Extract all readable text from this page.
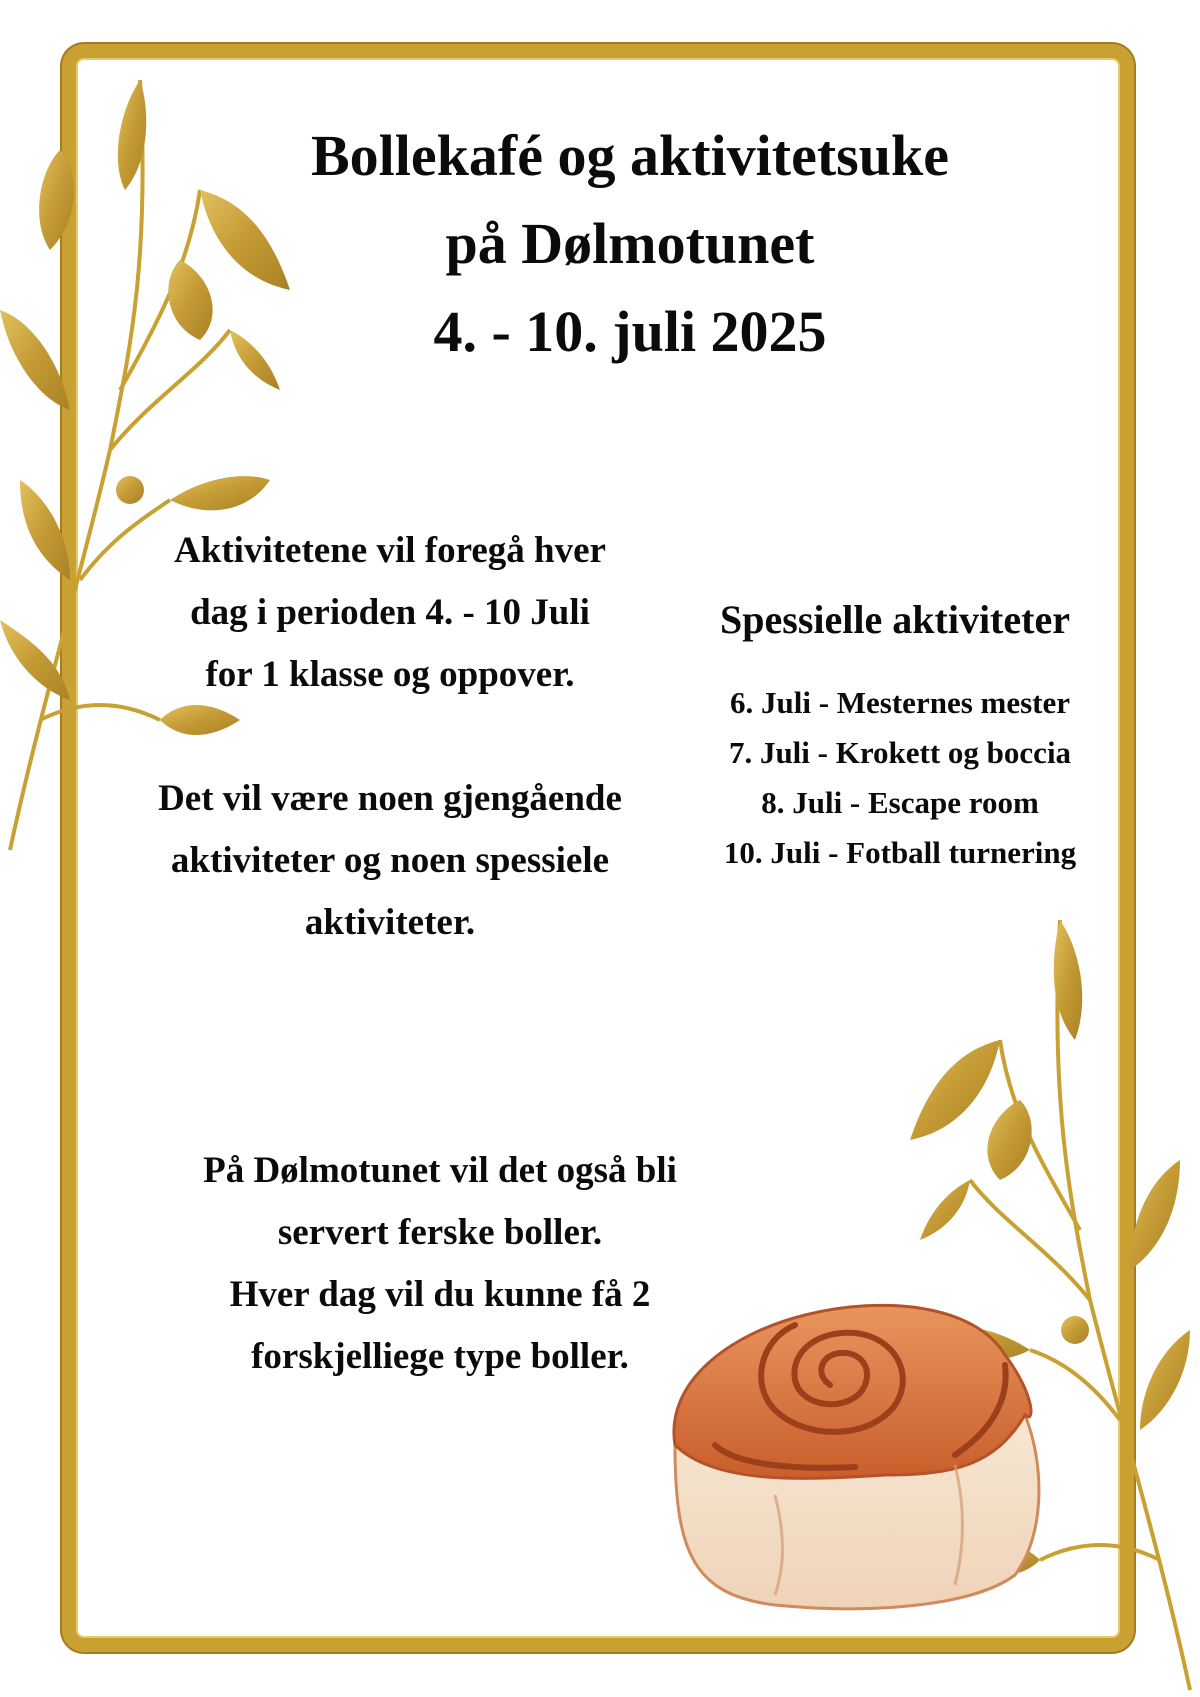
Bollekafé og aktivitetsuke
på Dølmotunet
4. - 10. juli 2025
Aktivitetene vil foregå hver
dag i perioden 4. - 10 Juli
for 1 klasse og oppover.
Det vil være noen gjengående
aktiviteter og noen spessiele
aktiviteter.
Spessielle aktiviteter
6. Juli - Mesternes mester
7. Juli - Krokett og boccia
8. Juli - Escape room
10. Juli - Fotball turnering
På Dølmotunet vil det også bli
servert ferske boller.
Hver dag vil du kunne få 2
forskjelliege type boller.
